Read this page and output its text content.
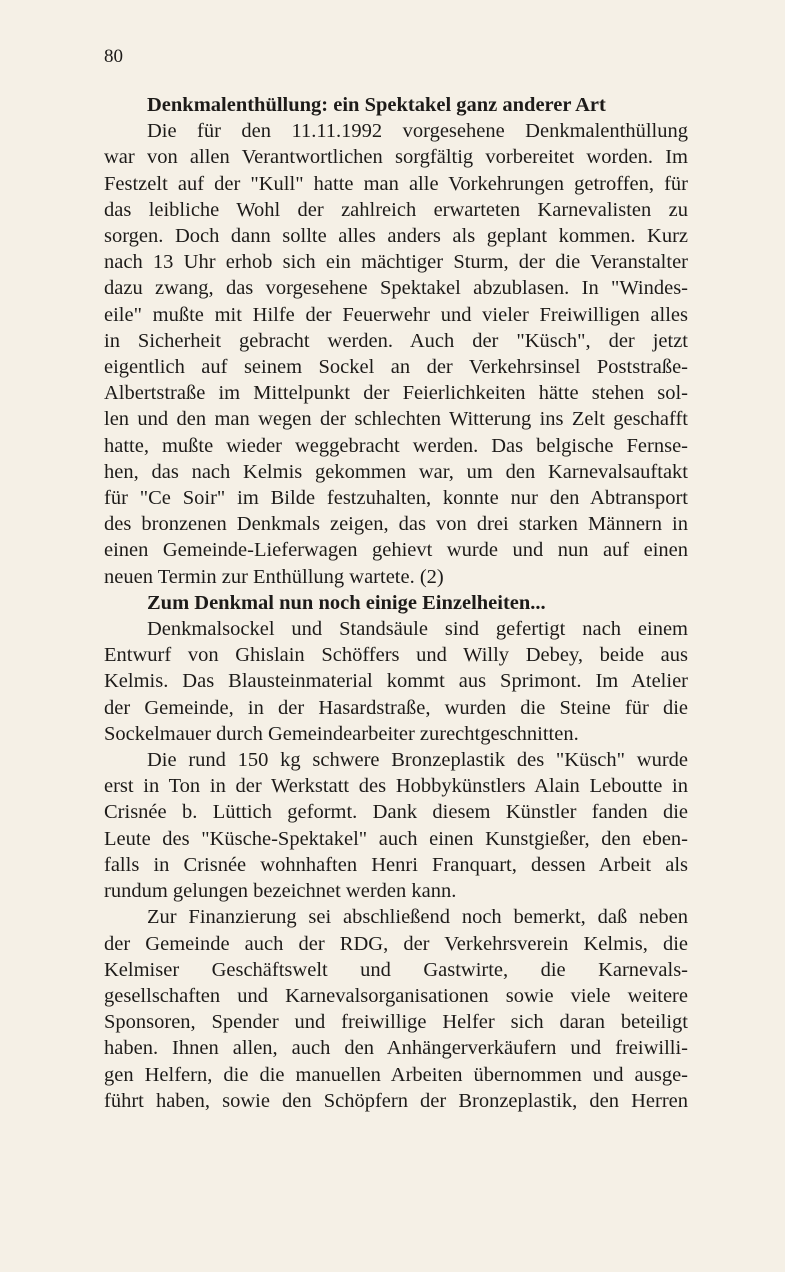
80
Denkmalenthüllung: ein Spektakel ganz anderer Art
Die für den 11.11.1992 vorgesehene Denkmalenthüllung
war von allen Verantwortlichen sorgfältig vorbereitet worden. Im
Festzelt auf der "Kull" hatte man alle Vorkehrungen getroffen, für
das leibliche Wohl der zahlreich erwarteten Karnevalisten zu
sorgen. Doch dann sollte alles anders als geplant kommen. Kurz
nach 13 Uhr erhob sich ein mächtiger Sturm, der die Veranstalter
dazu zwang, das vorgesehene Spektakel abzublasen. In "Windes-
eile" mußte mit Hilfe der Feuerwehr und vieler Freiwilligen alles
in Sicherheit gebracht werden. Auch der "Küsch", der jetzt
eigentlich auf seinem Sockel an der Verkehrsinsel Poststraße-
Albertstraße im Mittelpunkt der Feierlichkeiten hätte stehen sol-
len und den man wegen der schlechten Witterung ins Zelt geschafft
hatte, mußte wieder weggebracht werden. Das belgische Fernse-
hen, das nach Kelmis gekommen war, um den Karnevalsauftakt
für "Ce Soir" im Bilde festzuhalten, konnte nur den Abtransport
des bronzenen Denkmals zeigen, das von drei starken Männern in
einen Gemeinde-Lieferwagen gehievt wurde und nun auf einen
neuen Termin zur Enthüllung wartete. (2)
Zum Denkmal nun noch einige Einzelheiten...
Denkmalsockel und Standsäule sind gefertigt nach einem
Entwurf von Ghislain Schöffers und Willy Debey, beide aus
Kelmis. Das Blausteinmaterial kommt aus Sprimont. Im Atelier
der Gemeinde, in der Hasardstraße, wurden die Steine für die
Sockelmauer durch Gemeindearbeiter zurechtgeschnitten.
Die rund 150 kg schwere Bronzeplastik des "Küsch" wurde
erst in Ton in der Werkstatt des Hobbykünstlers Alain Leboutte in
Crisnée b. Lüttich geformt. Dank diesem Künstler fanden die
Leute des "Küsche-Spektakel" auch einen Kunstgießer, den eben-
falls in Crisnée wohnhaften Henri Franquart, dessen Arbeit als
rundum gelungen bezeichnet werden kann.
Zur Finanzierung sei abschließend noch bemerkt, daß neben
der Gemeinde auch der RDG, der Verkehrsverein Kelmis, die
Kelmiser Geschäftswelt und Gastwirte, die Karnevals-
gesellschaften und Karnevalsorganisationen sowie viele weitere
Sponsoren, Spender und freiwillige Helfer sich daran beteiligt
haben. Ihnen allen, auch den Anhängerverkäufern und freiwilli-
gen Helfern, die die manuellen Arbeiten übernommen und ausge-
führt haben, sowie den Schöpfern der Bronzeplastik, den Herren
